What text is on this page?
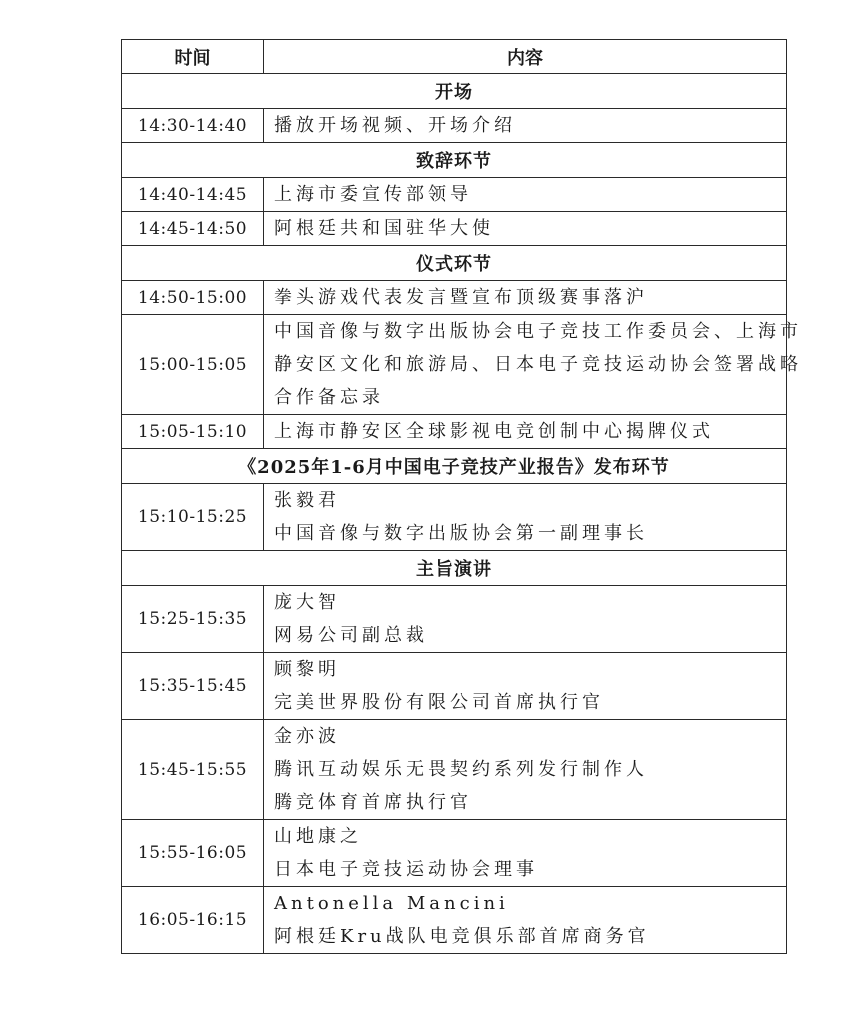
时间	内容
开场	
14:30-14:40	播放开场视频、开场介绍

致辞环节	
14:40-14:45	上海市委宣传部领导

14:45-14:50	阿根廷共和国驻华大使

仪式环节	
14:50-15:00	拳头游戏代表发言暨宣布顶级赛事落沪

15:00-15:05	中国音像与数字出版协会电子竞技工作委员会、上海市
静安区文化和旅游局、日本电子竞技运动协会签署战略
合作备忘录

15:05-15:10	上海市静安区全球影视电竞创制中心揭牌仪式

《2025年1-6月中国电子竞技产业报告》发布环节	
15:10-15:25	张毅君
中国音像与数字出版协会第一副理事长

主旨演讲	
15:25-15:35	庞大智
网易公司副总裁

15:35-15:45	顾黎明
完美世界股份有限公司首席执行官

15:45-15:55	金亦波
腾讯互动娱乐无畏契约系列发行制作人
腾竞体育首席执行官

15:55-16:05	山地康之
日本电子竞技运动协会理事

16:05-16:15	Antonella Mancini
阿根廷Kru战队电竞俱乐部首席商务官
